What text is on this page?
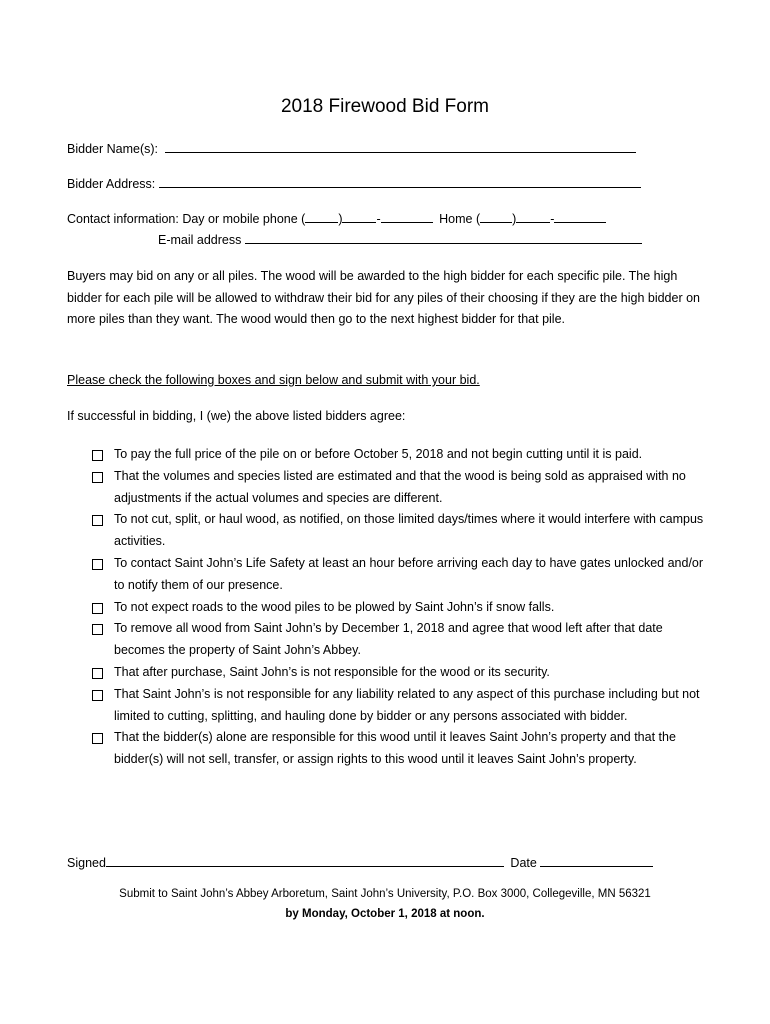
2018 Firewood Bid Form
Bidder Name(s):
Bidder Address:
Contact information: Day or mobile phone (	)	-	Home (	)	-
E-mail address
Buyers may bid on any or all piles. The wood will be awarded to the high bidder for each specific pile. The high bidder for each pile will be allowed to withdraw their bid for any piles of their choosing if they are the high bidder on more piles than they want. The wood would then go to the next highest bidder for that pile.
Please check the following boxes and sign below and submit with your bid.
If successful in bidding, I (we) the above listed bidders agree:
To pay the full price of the pile on or before October 5, 2018 and not begin cutting until it is paid.
That the volumes and species listed are estimated and that the wood is being sold as appraised with no adjustments if the actual volumes and species are different.
To not cut, split, or haul wood, as notified, on those limited days/times where it would interfere with campus activities.
To contact Saint John’s Life Safety at least an hour before arriving each day to have gates unlocked and/or to notify them of our presence.
To not expect roads to the wood piles to be plowed by Saint John’s if snow falls.
To remove all wood from Saint John’s by December 1, 2018 and agree that wood left after that date becomes the property of Saint John’s Abbey.
That after purchase, Saint John’s is not responsible for the wood or its security.
That Saint John’s is not responsible for any liability related to any aspect of this purchase including but not limited to cutting, splitting, and hauling done by bidder or any persons associated with bidder.
That the bidder(s) alone are responsible for this wood until it leaves Saint John’s property and that the bidder(s) will not sell, transfer, or assign rights to this wood until it leaves Saint John’s property.
Signed	Date
Submit to Saint John’s Abbey Arboretum, Saint John’s University, P.O. Box 3000, Collegeville, MN 56321
by Monday, October 1, 2018 at noon.
